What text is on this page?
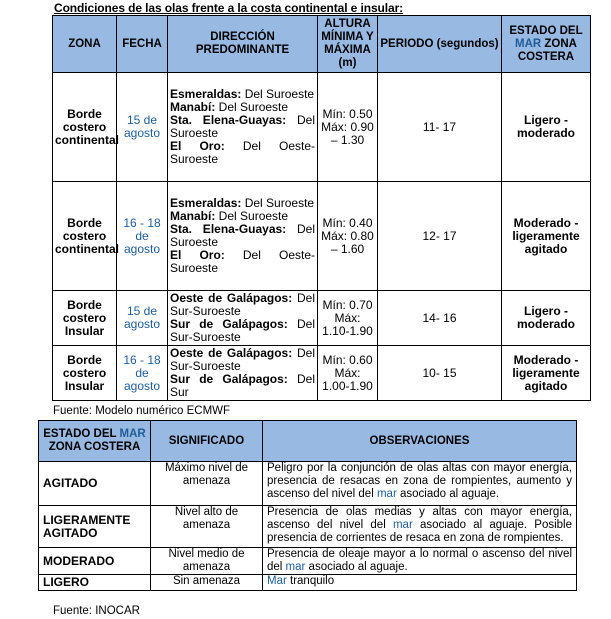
Condiciones de las olas frente a la costa continental e insular:
ZONA	FECHA	DIRECCIÓN PREDOMINANTE	ALTURA MÍNIMA Y MÁXIMA (m)	PERIODO (segundos)	ESTADO DEL MAR ZONA COSTERA
Borde costero continental	15 de agosto	Esmeraldas: Del Suroeste
Manabí: Del Suroeste
Sta. Elena-Guayas: Del Suroeste
El Oro: Del Oeste-Suroeste	Mín: 0.50 Máx: 0.90 – 1.30	11- 17	Ligero - moderado
Borde costero continental	16 - 18 de agosto	Esmeraldas: Del Suroeste
Manabí: Del Suroeste
Sta. Elena-Guayas: Del Suroeste
El Oro: Del Oeste-Suroeste	Mín: 0.40 Máx: 0.80 – 1.60	12- 17	Moderado - ligeramente agitado
Borde costero Insular	15 de agosto	Oeste de Galápagos: Del Sur-Suroeste
Sur de Galápagos: Del Sur-Suroeste	Mín: 0.70 Máx: 1.10-1.90	14- 16	Ligero - moderado
Borde costero Insular	16 - 18 de agosto	Oeste de Galápagos: Del Sur-Suroeste
Sur de Galápagos: Del Sur	Mín: 0.60 Máx: 1.00-1.90	10- 15	Moderado - ligeramente agitado
Fuente: Modelo numérico ECMWF
ESTADO DEL MAR ZONA COSTERA	SIGNIFICADO	OBSERVACIONES
AGITADO	Máximo nivel de amenaza	Peligro por la conjunción de olas altas con mayor energía, presencia de resacas en zona de rompientes, aumento y ascenso del nivel del mar asociado al aguaje.
LIGERAMENTE AGITADO	Nivel alto de amenaza	Presencia de olas medias y altas con mayor energía, ascenso del nivel del mar asociado al aguaje. Posible presencia de corrientes de resaca en zona de rompientes.
MODERADO	Nivel medio de amenaza	Presencia de oleaje mayor a lo normal o ascenso del nivel del mar asociado al aguaje.
LIGERO	Sin amenaza	Mar tranquilo
Fuente: INOCAR
